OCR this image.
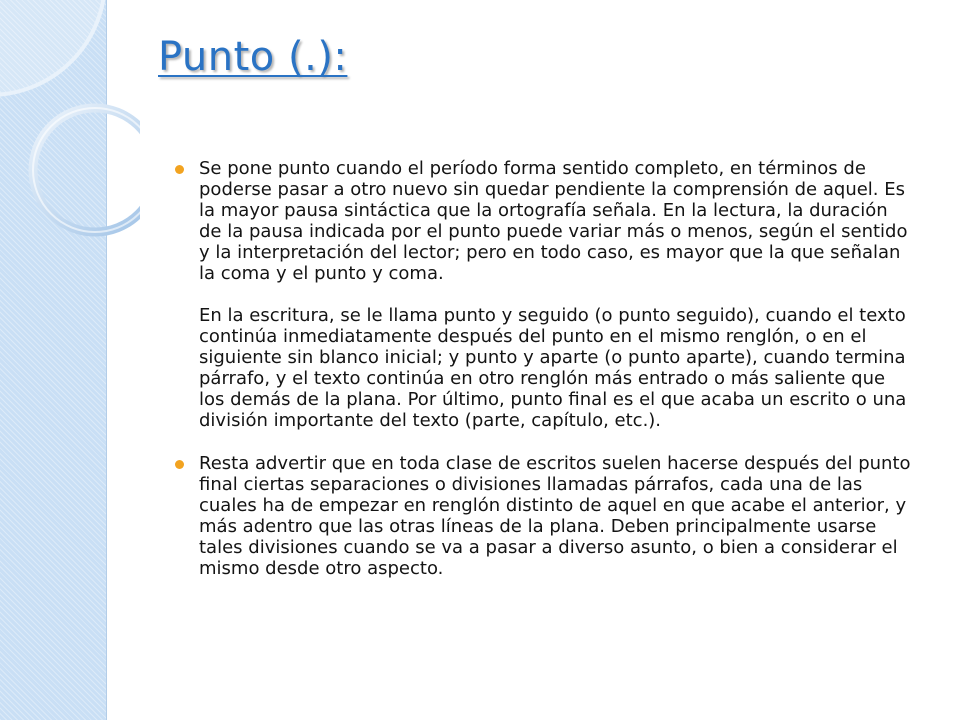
Punto (.):

Se pone punto cuando el período forma sentido completo, en términos de poderse pasar a otro nuevo sin quedar pendiente la comprensión de aquel. Es la mayor pausa sintáctica que la ortografía señala. En la lectura, la duración de la pausa indicada por el punto puede variar más o menos, según el sentido y la interpretación del lector; pero en todo caso, es mayor que la que señalan la coma y el punto y coma.

En la escritura, se le llama punto y seguido (o punto seguido), cuando el texto continúa inmediatamente después del punto en el mismo renglón, o en el siguiente sin blanco inicial; y punto y aparte (o punto aparte), cuando termina párrafo, y el texto continúa en otro renglón más entrado o más saliente que los demás de la plana. Por último, punto final es el que acaba un escrito o una división importante del texto (parte, capítulo, etc.).

Resta advertir que en toda clase de escritos suelen hacerse después del punto final ciertas separaciones o divisiones llamadas párrafos, cada una de las cuales ha de empezar en renglón distinto de aquel en que acabe el anterior, y más adentro que las otras líneas de la plana. Deben principalmente usarse tales divisiones cuando se va a pasar a diverso asunto, o bien a considerar el mismo desde otro aspecto.
